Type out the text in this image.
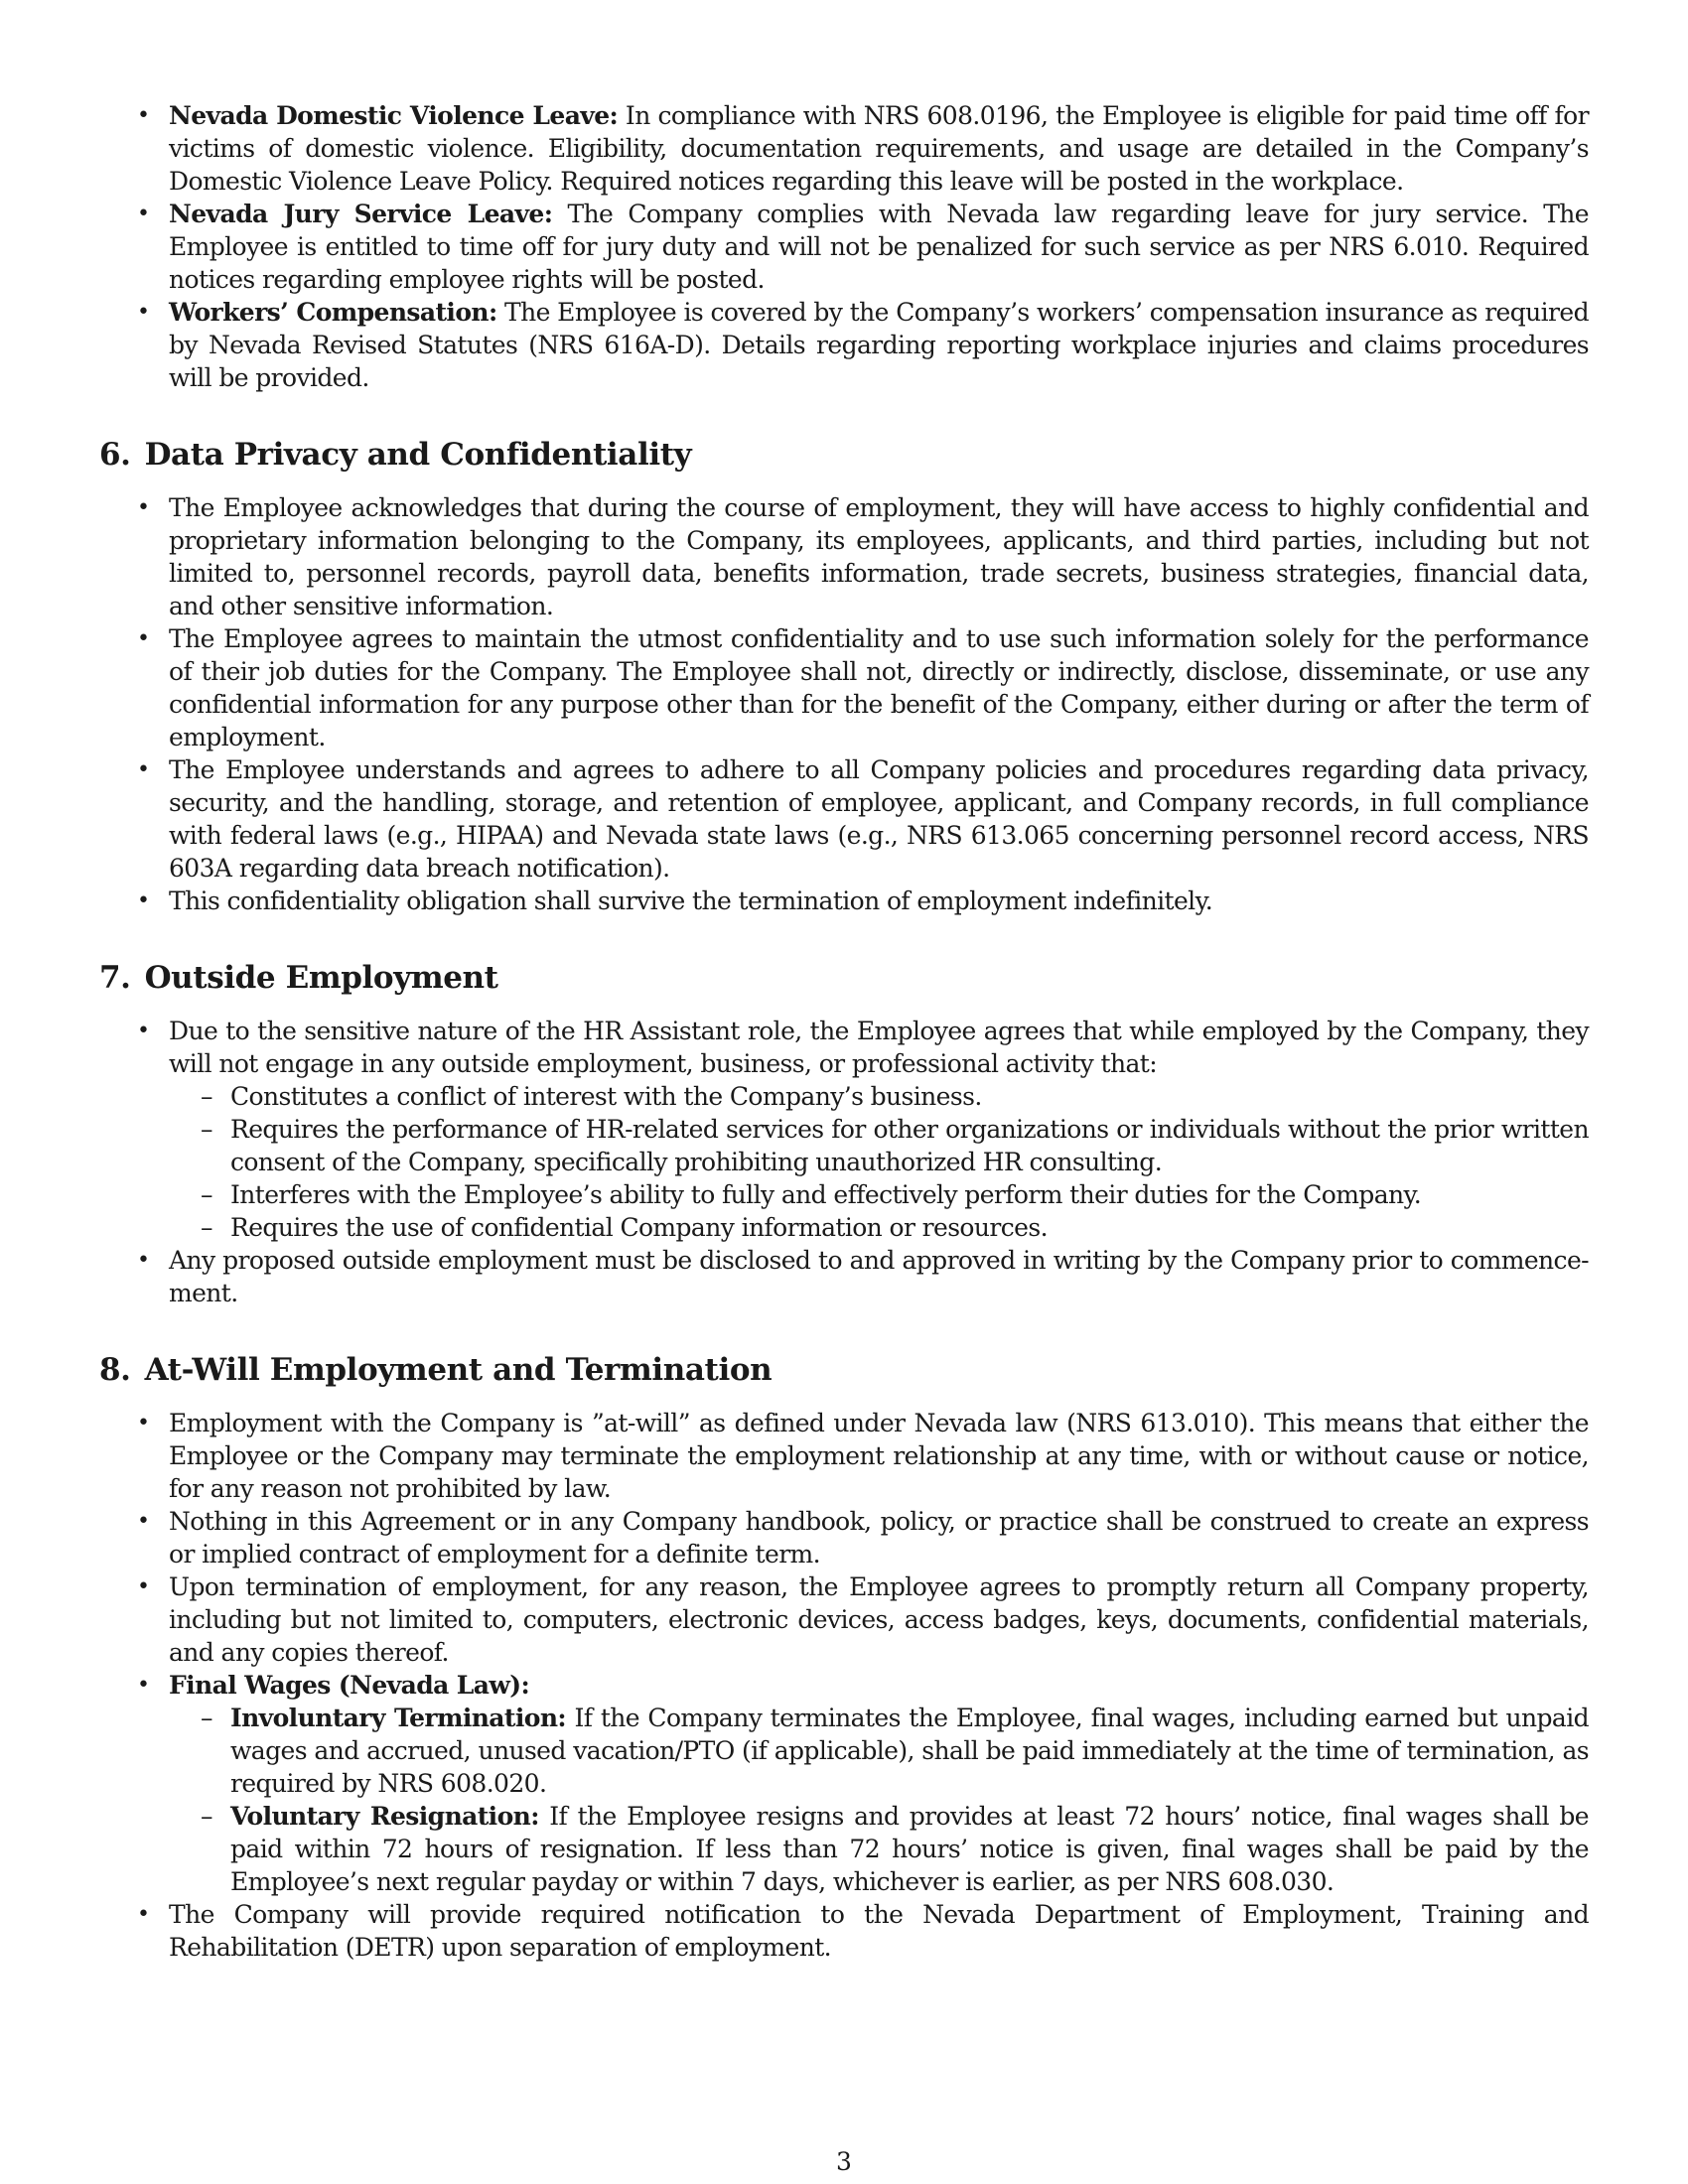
• Nevada Domestic Violence Leave: In compliance with NRS 608.0196, the Employee is eligible for paid time off for victims of domestic violence. Eligibility, documentation requirements, and usage are detailed in the Company’s Domestic Violence Leave Policy. Required notices regarding this leave will be posted in the workplace.
• Nevada Jury Service Leave: The Company complies with Nevada law regarding leave for jury service. The Employee is entitled to time off for jury duty and will not be penalized for such service as per NRS 6.010. Required notices regarding employee rights will be posted.
• Workers’ Compensation: The Employee is covered by the Company’s workers’ compensation insurance as required by Nevada Revised Statutes (NRS 616A-D). Details regarding reporting workplace injuries and claims procedures will be provided.
6. Data Privacy and Confidentiality
• The Employee acknowledges that during the course of employment, they will have access to highly confidential and proprietary information belonging to the Company, its employees, applicants, and third parties, including but not limited to, personnel records, payroll data, benefits information, trade secrets, business strategies, financial data, and other sensitive information.
• The Employee agrees to maintain the utmost confidentiality and to use such information solely for the performance of their job duties for the Company. The Employee shall not, directly or indirectly, disclose, disseminate, or use any confidential information for any purpose other than for the benefit of the Company, either during or after the term of employment.
• The Employee understands and agrees to adhere to all Company policies and procedures regarding data privacy, security, and the handling, storage, and retention of employee, applicant, and Company records, in full compliance with federal laws (e.g., HIPAA) and Nevada state laws (e.g., NRS 613.065 concerning personnel record access, NRS 603A regarding data breach notification).
• This confidentiality obligation shall survive the termination of employment indefinitely.
7. Outside Employment
• Due to the sensitive nature of the HR Assistant role, the Employee agrees that while employed by the Company, they will not engage in any outside employment, business, or professional activity that:
– Constitutes a conflict of interest with the Company’s business.
– Requires the performance of HR-related services for other organizations or individuals without the prior written consent of the Company, specifically prohibiting unauthorized HR consulting.
– Interferes with the Employee’s ability to fully and effectively perform their duties for the Company.
– Requires the use of confidential Company information or resources.
• Any proposed outside employment must be disclosed to and approved in writing by the Company prior to commence-ment.
8. At-Will Employment and Termination
• Employment with the Company is ”at-will” as defined under Nevada law (NRS 613.010). This means that either the Employee or the Company may terminate the employment relationship at any time, with or without cause or notice, for any reason not prohibited by law.
• Nothing in this Agreement or in any Company handbook, policy, or practice shall be construed to create an express or implied contract of employment for a definite term.
• Upon termination of employment, for any reason, the Employee agrees to promptly return all Company property, including but not limited to, computers, electronic devices, access badges, keys, documents, confidential materials, and any copies thereof.
• Final Wages (Nevada Law):
– Involuntary Termination: If the Company terminates the Employee, final wages, including earned but unpaid wages and accrued, unused vacation/PTO (if applicable), shall be paid immediately at the time of termination, as required by NRS 608.020.
– Voluntary Resignation: If the Employee resigns and provides at least 72 hours’ notice, final wages shall be paid within 72 hours of resignation. If less than 72 hours’ notice is given, final wages shall be paid by the Employee’s next regular payday or within 7 days, whichever is earlier, as per NRS 608.030.
• The Company will provide required notification to the Nevada Department of Employment, Training and Rehabilitation (DETR) upon separation of employment.
3
